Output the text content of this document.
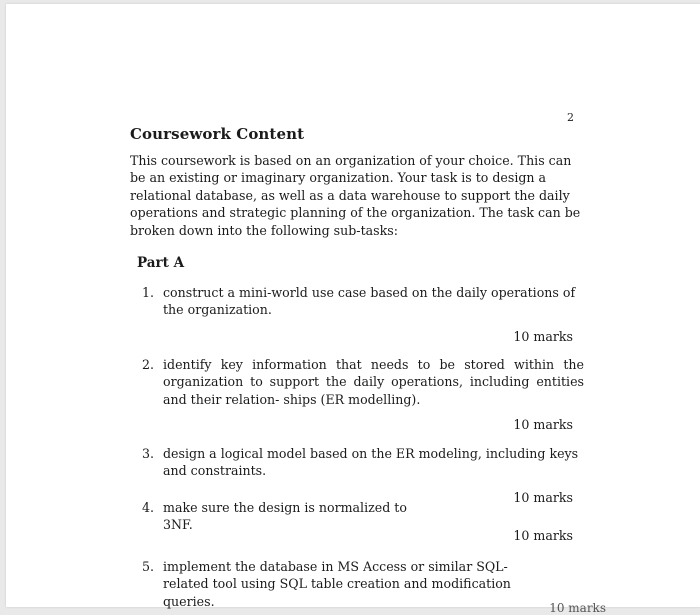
2
Coursework Content

This coursework is based on an organization of your choice. This can be an existing or imaginary organization. Your task is to design a relational database, as well as a data warehouse to support the daily operations and strategic planning of the organization. The task can be broken down into the following sub-tasks:

Part A
1. construct a mini-world use case based on the daily operations of the organization.
10 marks
2. identify key information that needs to be stored within the organization to support the daily operations, including entities and their relation- ships (ER modelling).
10 marks
3. design a logical model based on the ER modeling, including keys and constraints.
10 marks
4. make sure the design is normalized to 3NF.
10 marks
5. implement the database in MS Access or similar SQL-related tool using SQL table creation and modification queries.	10 marks
